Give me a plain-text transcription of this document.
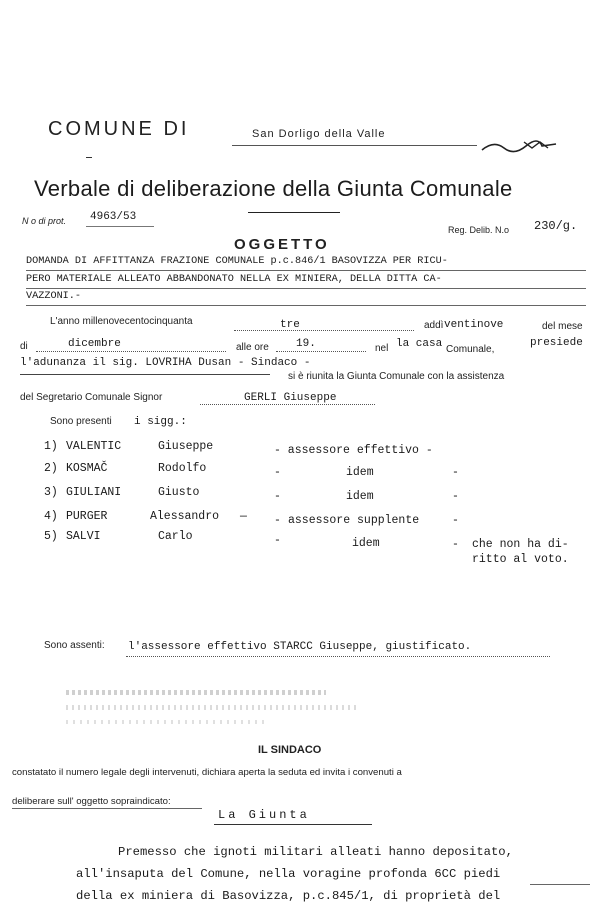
COMUNE DI	San Dorligo della Valle
Verbale di deliberazione della Giunta Comunale
N o di prot. 4963/53
Reg. Delib. N.o 230/g.
OGGETTO
DOMANDA DI AFFITTANZA FRAZIONE COMUNALE p.c.846/1 BASOVIZZA PER RICU-
PERO MATERIALE ALLEATO ABBANDONATO NELLA EX MINIERA, DELLA DITTA CA-
VAZZONI.-
L'anno millenovecentocinquanta	tre	addì ventinove	del mese
di	dicembre	alle ore 19.	nel la casa Comunale,
presiede
l'adunanza il sig. LOVRIHA Dusan - Sindaco -
si è riunita la Giunta Comunale con la assistenza
del Segretario Comunale Signor	GERLI Giuseppe
Sono presenti i sigg.:
1) VALENTIC	Giuseppe	- assessore effettivo -
2) KOSMAČ	Rodolfo	-	idem	-
3) GIULIANI	Giusto	-	idem	-
4) PURGER	Alessandro — - assessore supplente	-
5) SALVI	Carlo	-	idem	- che non ha di-
ritto al voto.
Sono assenti: l'assessore effettivo STARCC Giuseppe, giustificato.
IL SINDACO
constatato il numero legale degli intervenuti, dichiara aperta la seduta ed invita i convenuti a
deliberare sull' oggetto sopraindicato:
La Giunta
Premesso che ignoti militari alleati hanno depositato,
all'insaputa del Comune, nella voragine profonda 6CC piedi
della ex miniera di Basovizza, p.c.845/1, di proprietà del
